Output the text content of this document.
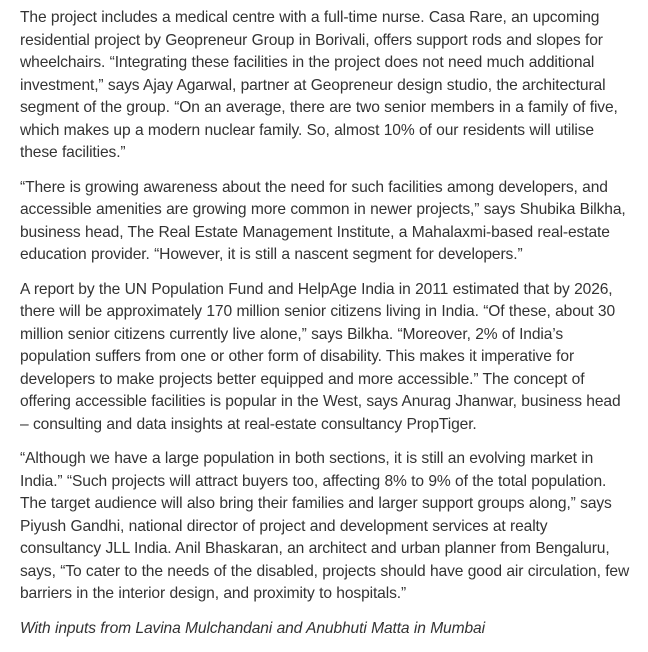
The project includes a medical centre with a full-time nurse. Casa Rare, an upcoming residential project by Geopreneur Group in Borivali, offers support rods and slopes for wheelchairs. “Integrating these facilities in the project does not need much additional investment,” says Ajay Agarwal, partner at Geopreneur design studio, the architectural segment of the group. “On an average, there are two senior members in a family of five, which makes up a modern nuclear family. So, almost 10% of our residents will utilise these facilities.”

“There is growing awareness about the need for such facilities among developers, and accessible amenities are growing more common in newer projects,” says Shubika Bilkha, business head, The Real Estate Management Institute, a Mahalaxmi-based real-estate education provider. “However, it is still a nascent segment for developers.”

A report by the UN Population Fund and HelpAge India in 2011 estimated that by 2026, there will be approximately 170 million senior citizens living in India. “Of these, about 30 million senior citizens currently live alone,” says Bilkha. “Moreover, 2% of India’s population suffers from one or other form of disability. This makes it imperative for developers to make projects better equipped and more accessible.” The concept of offering accessible facilities is popular in the West, says Anurag Jhanwar, business head – consulting and data insights at real-estate consultancy PropTiger.

“Although we have a large population in both sections, it is still an evolving market in India.” “Such projects will attract buyers too, affecting 8% to 9% of the total population. The target audience will also bring their families and larger support groups along,” says Piyush Gandhi, national director of project and development services at realty consultancy JLL India. Anil Bhaskaran, an architect and urban planner from Bengaluru, says, “To cater to the needs of the disabled, projects should have good air circulation, few barriers in the interior design, and proximity to hospitals.”

With inputs from Lavina Mulchandani and Anubhuti Matta in Mumbai
